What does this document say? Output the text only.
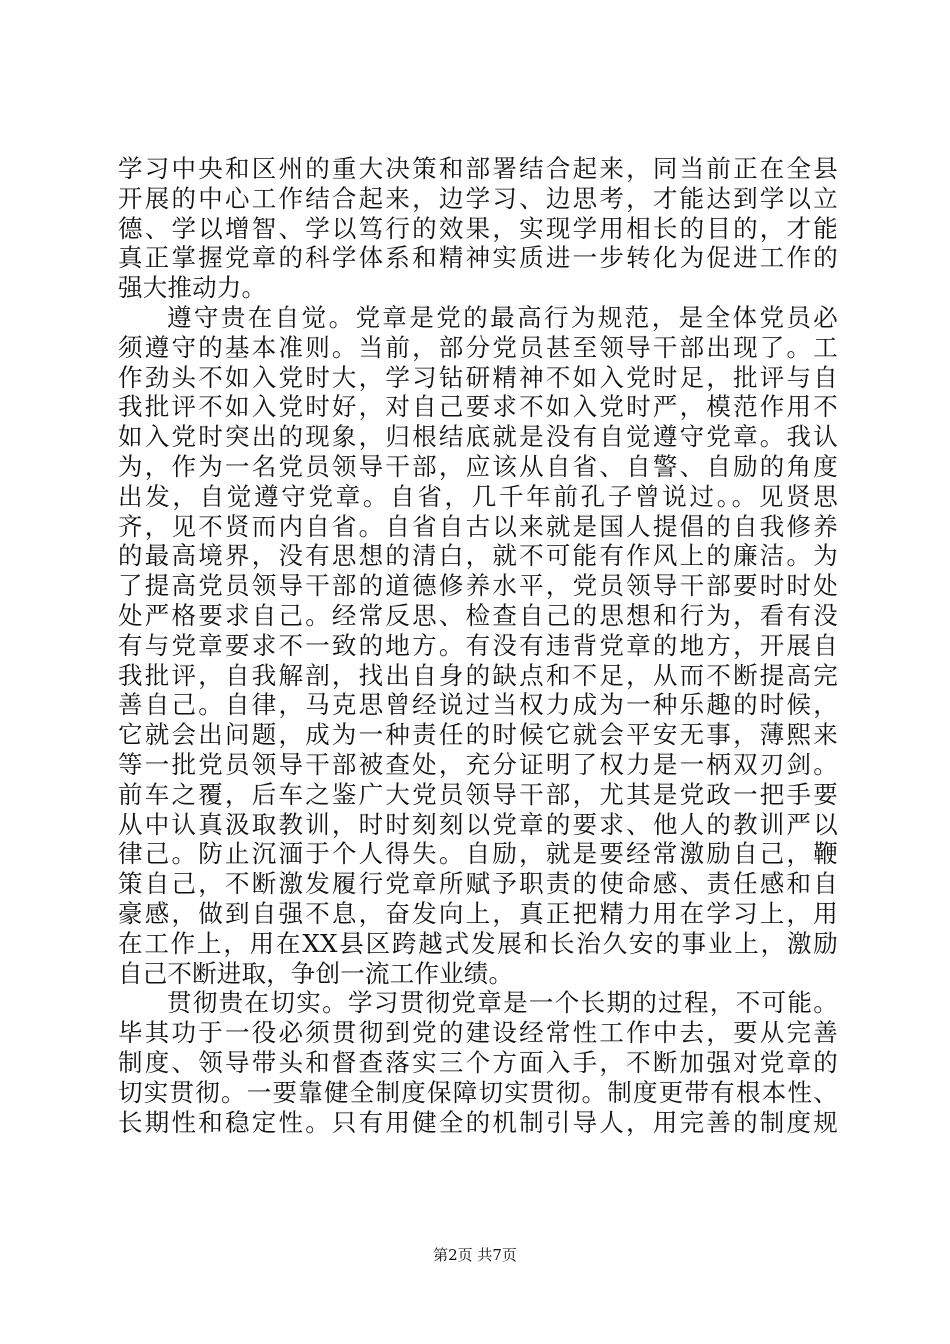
学习中央和区州的重大决策和部署结合起来，同当前正在全县
开展的中心工作结合起来，边学习、边思考，才能达到学以立
德、学以增智、学以笃行的效果，实现学用相长的目的，才能
真正掌握党章的科学体系和精神实质进一步转化为促进工作的
强大推动力。
遵守贵在自觉。党章是党的最高行为规范，是全体党员必
须遵守的基本准则。当前，部分党员甚至领导干部出现了。工
作劲头不如入党时大，学习钻研精神不如入党时足，批评与自
我批评不如入党时好，对自己要求不如入党时严，模范作用不
如入党时突出的现象，归根结底就是没有自觉遵守党章。我认
为，作为一名党员领导干部，应该从自省、自警、自励的角度
出发，自觉遵守党章。自省，几千年前孔子曾说过。。见贤思
齐，见不贤而内自省。自省自古以来就是国人提倡的自我修养
的最高境界，没有思想的清白，就不可能有作风上的廉洁。为
了提高党员领导干部的道德修养水平，党员领导干部要时时处
处严格要求自己。经常反思、检查自己的思想和行为，看有没
有与党章要求不一致的地方。有没有违背党章的地方，开展自
我批评，自我解剖，找出自身的缺点和不足，从而不断提高完
善自己。自律，马克思曾经说过当权力成为一种乐趣的时候，
它就会出问题，成为一种责任的时候它就会平安无事，薄熙来
等一批党员领导干部被查处，充分证明了权力是一柄双刃剑。
前车之覆，后车之鉴广大党员领导干部，尤其是党政一把手要
从中认真汲取教训，时时刻刻以党章的要求、他人的教训严以
律己。防止沉湎于个人得失。自励，就是要经常激励自己，鞭
策自己，不断激发履行党章所赋予职责的使命感、责任感和自
豪感，做到自强不息，奋发向上，真正把精力用在学习上，用
在工作上，用在XX县区跨越式发展和长治久安的事业上，激励
自己不断进取，争创一流工作业绩。
贯彻贵在切实。学习贯彻党章是一个长期的过程，不可能。
毕其功于一役必须贯彻到党的建设经常性工作中去，要从完善
制度、领导带头和督查落实三个方面入手，不断加强对党章的
切实贯彻。一要靠健全制度保障切实贯彻。制度更带有根本性、
长期性和稳定性。只有用健全的机制引导人，用完善的制度规
第2页 共7页
